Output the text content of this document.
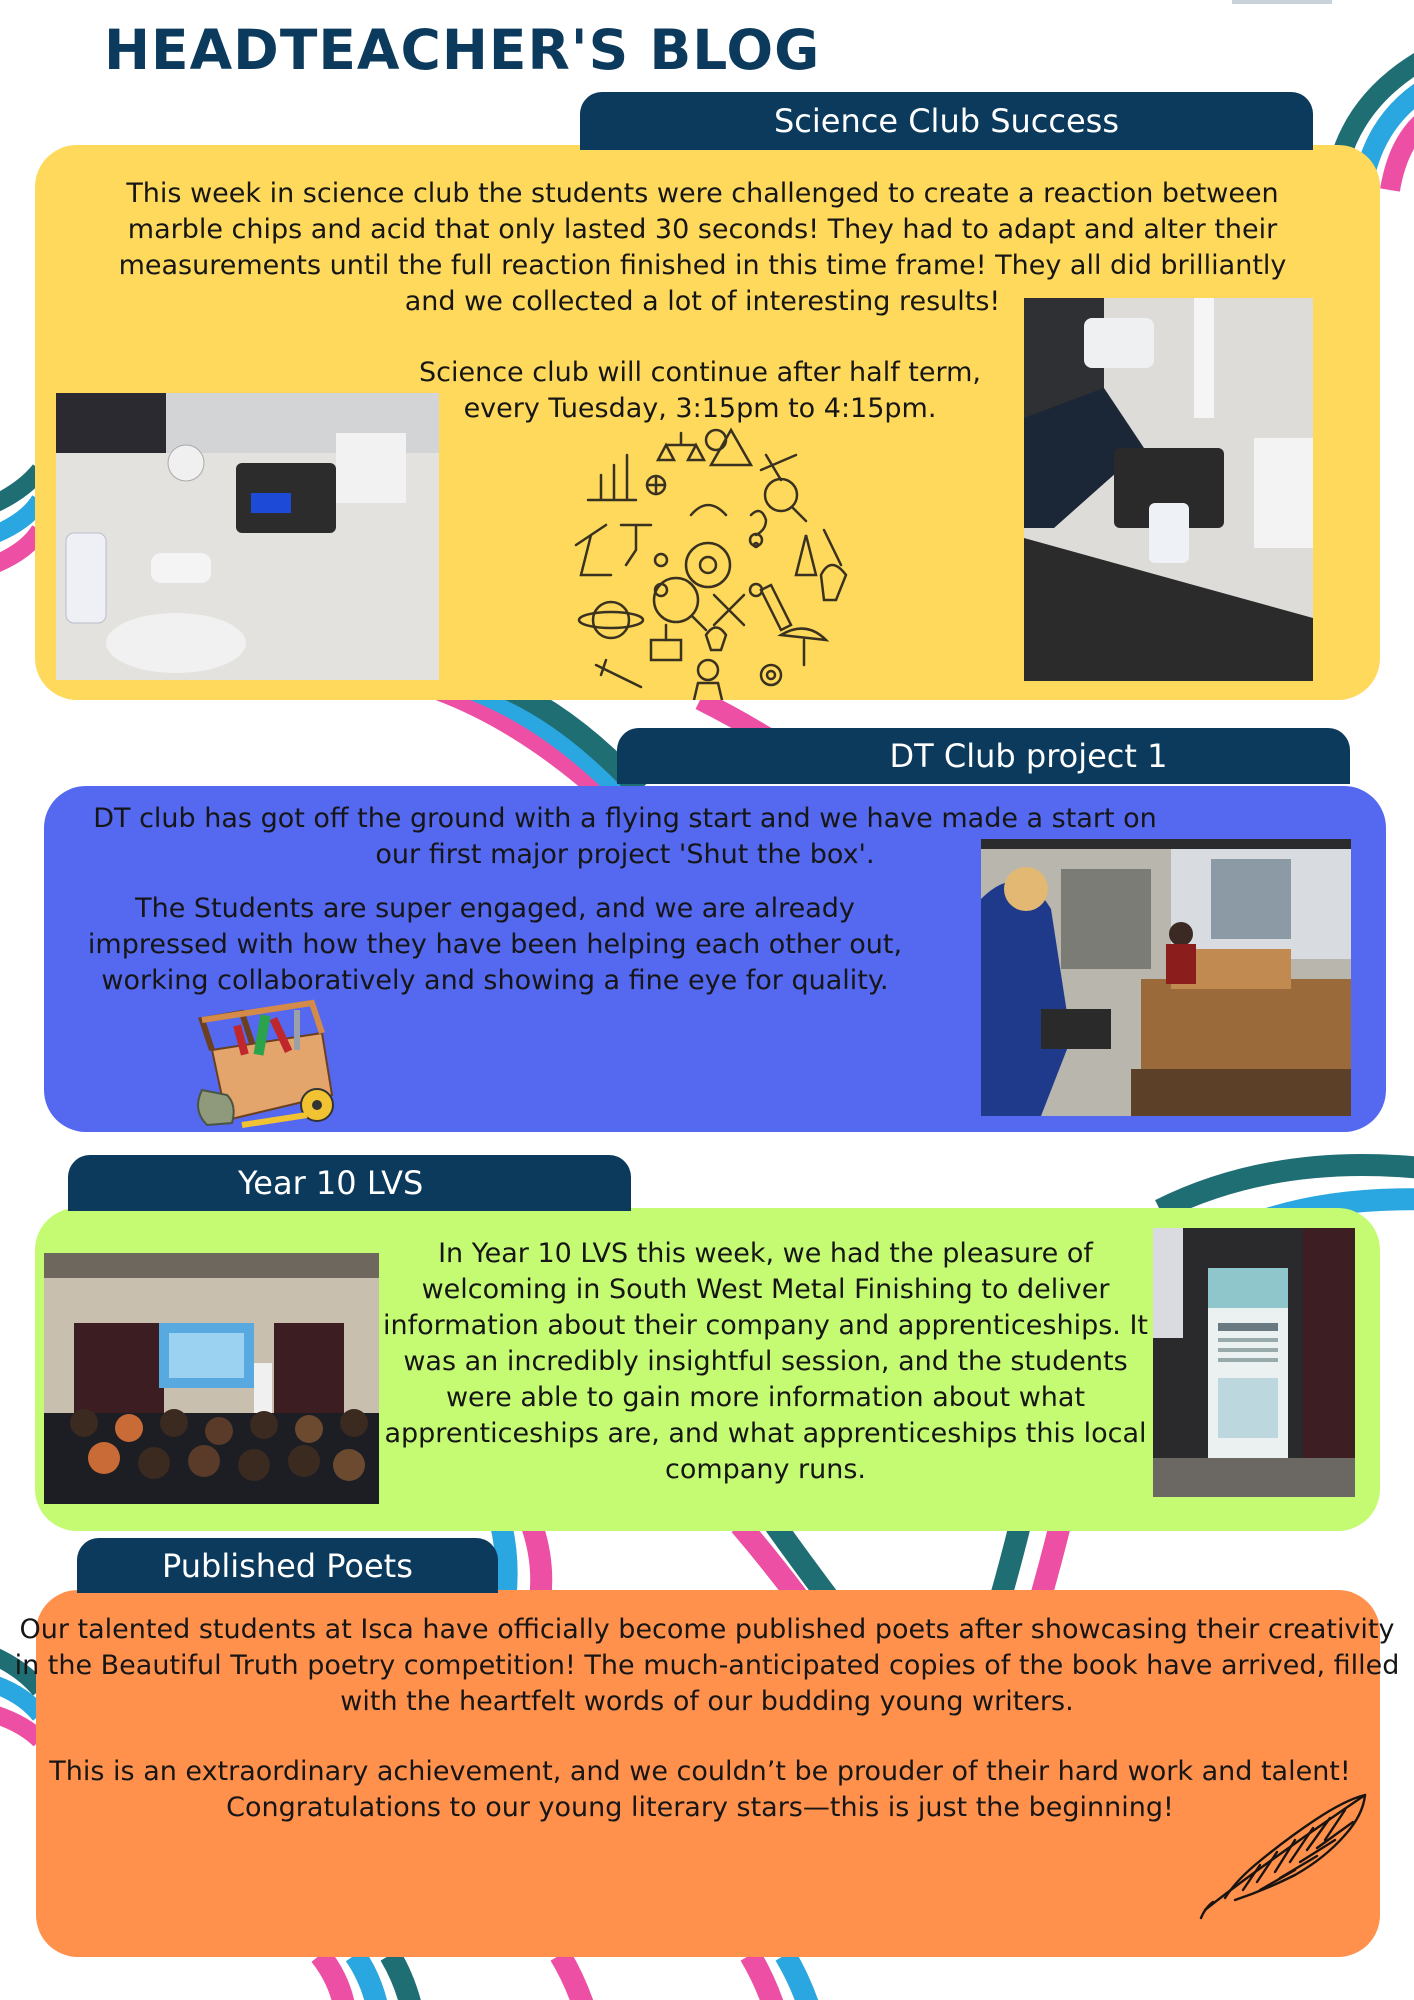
HEADTEACHER'S BLOG
Science Club Success

This week in science club the students were challenged to create a reaction between marble chips and acid that only lasted 30 seconds! They had to adapt and alter their measurements until the full reaction finished in this time frame! They all did brilliantly and we collected a lot of interesting results!

Science club will continue after half term, every Tuesday, 3:15pm to 4:15pm.

DT Club project 1

DT club has got off the ground with a flying start and we have made a start on our first major project 'Shut the box'.

The Students are super engaged, and we are already impressed with how they have been helping each other out, working collaboratively and showing a fine eye for quality.

Year 10 LVS

In Year 10 LVS this week, we had the pleasure of welcoming in South West Metal Finishing to deliver information about their company and apprenticeships. It was an incredibly insightful session, and the students were able to gain more information about what apprenticeships are, and what apprenticeships this local company runs.

Published Poets

Our talented students at Isca have officially become published poets after showcasing their creativity in the Beautiful Truth poetry competition! The much-anticipated copies of the book have arrived, filled with the heartfelt words of our budding young writers.

This is an extraordinary achievement, and we couldn’t be prouder of their hard work and talent! Congratulations to our young literary stars—this is just the beginning!
